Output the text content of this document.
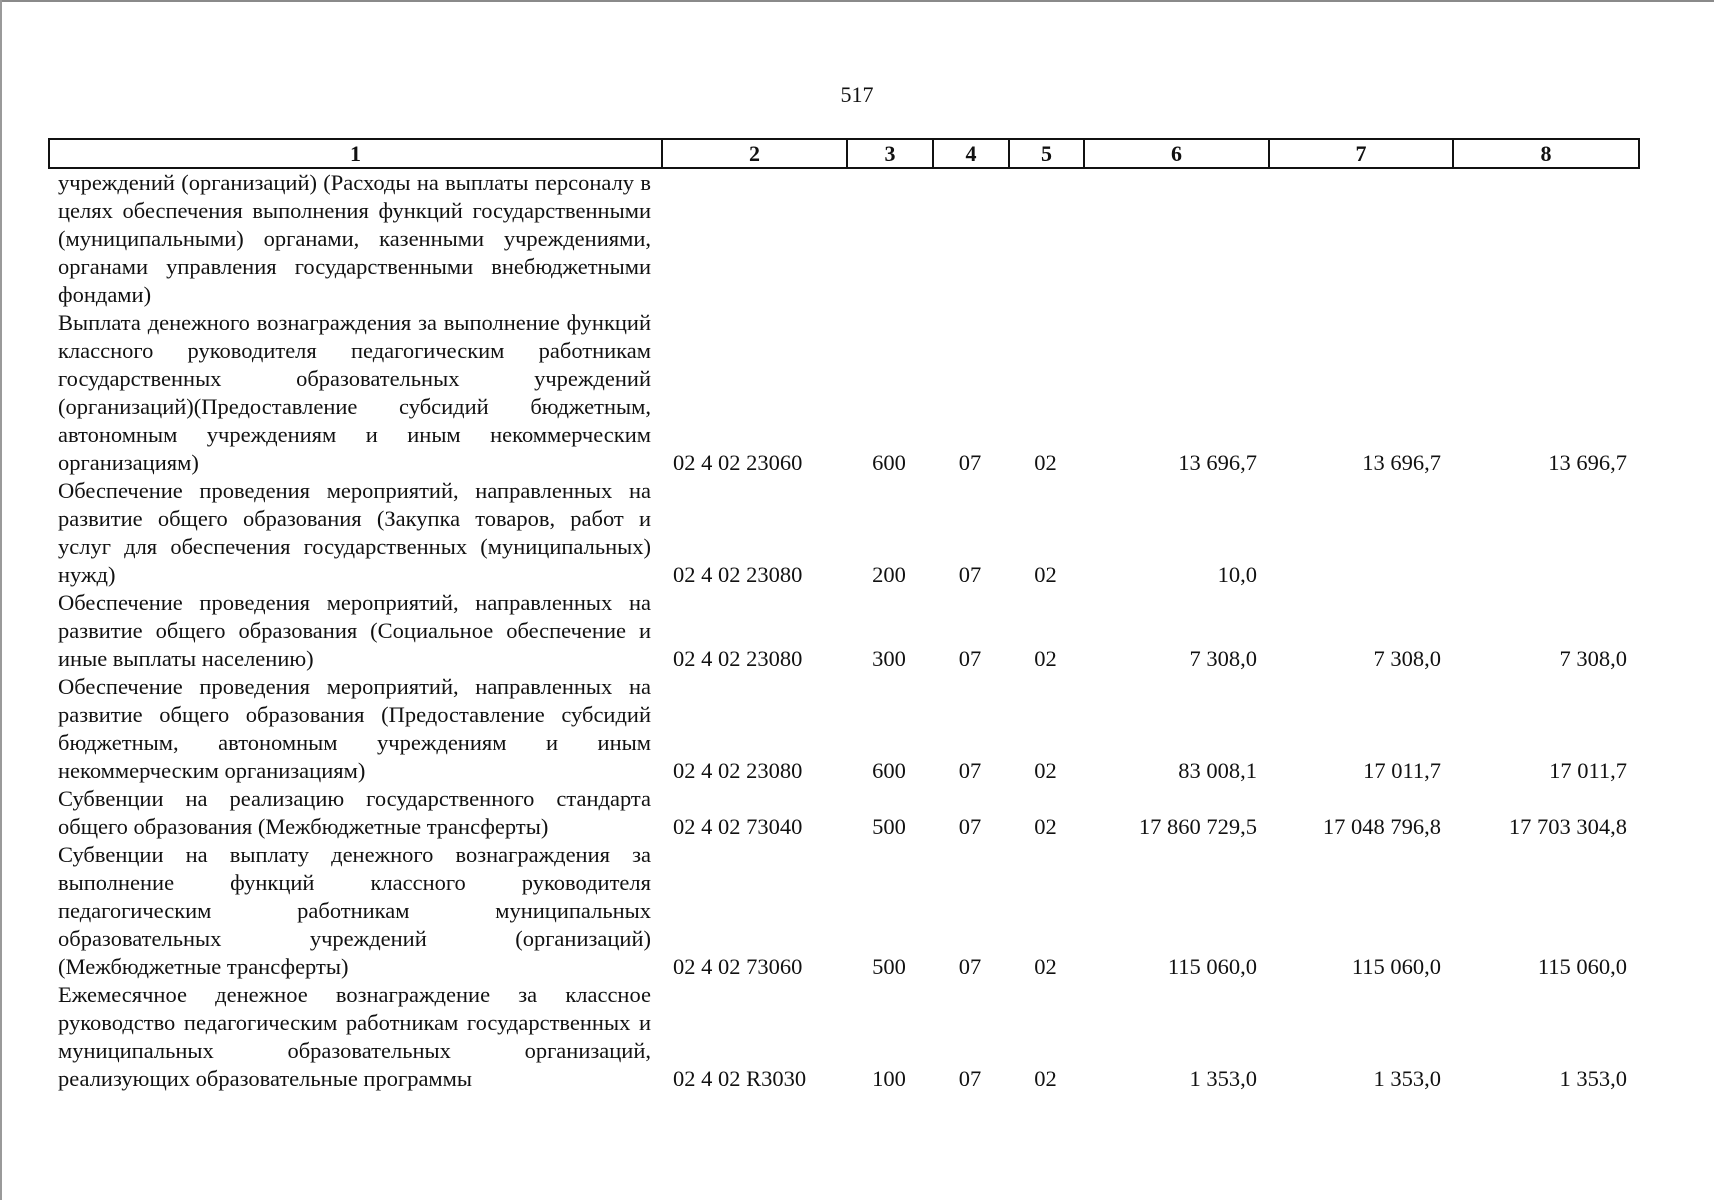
517
1	2	3	4	5	6	7	8
учреждений (организаций) (Расходы на выплаты персоналу в целях обеспечения выполнения функций государственными (муниципальными) органами, казенными учреждениями, органами управления государственными внебюджетными фондами)							
Выплата денежного вознаграждения за выполнение функций классного руководителя педагогическим работникам государственных образовательных учреждений (организаций)(Предоставление субсидий бюджетным, автономным учреждениям и иным некоммерческим организациям)	02 4 02 23060	600	07	02	13 696,7	13 696,7	13 696,7
Обеспечение проведения мероприятий, направленных на развитие общего образования (Закупка товаров, работ и услуг для обеспечения государственных (муниципальных) нужд)	02 4 02 23080	200	07	02	10,0		
Обеспечение проведения мероприятий, направленных на развитие общего образования (Социальное обеспечение и иные выплаты населению)	02 4 02 23080	300	07	02	7 308,0	7 308,0	7 308,0
Обеспечение проведения мероприятий, направленных на развитие общего образования (Предоставление субсидий бюджетным, автономным учреждениям и иным некоммерческим организациям)	02 4 02 23080	600	07	02	83 008,1	17 011,7	17 011,7
Субвенции на реализацию государственного стандарта общего образования (Межбюджетные трансферты)	02 4 02 73040	500	07	02	17 860 729,5	17 048 796,8	17 703 304,8
Субвенции на выплату денежного вознаграждения за выполнение функций классного руководителя педагогическим работникам муниципальных образовательных учреждений (организаций) (Межбюджетные трансферты)	02 4 02 73060	500	07	02	115 060,0	115 060,0	115 060,0
Ежемесячное денежное вознаграждение за классное руководство педагогическим работникам государственных и муниципальных образовательных организаций, реализующих образовательные программы	02 4 02 R3030	100	07	02	1 353,0	1 353,0	1 353,0
